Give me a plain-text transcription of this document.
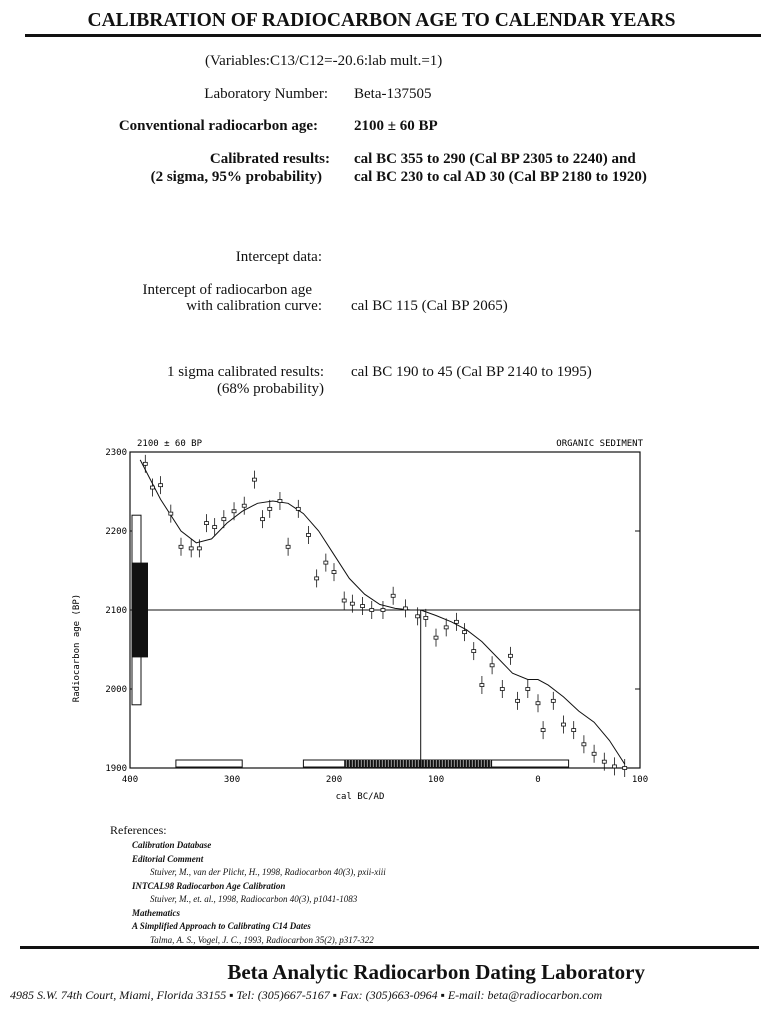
CALIBRATION OF RADIOCARBON AGE TO CALENDAR YEARS
(Variables:C13/C12=-20.6:lab mult.=1)
Laboratory Number: Beta-137505
Conventional radiocarbon age: 2100 ± 60 BP
Calibrated results:
(2 sigma, 95% probability)
cal BC 355 to 290 (Cal BP 2305 to 2240) and
cal BC 230 to cal AD 30 (Cal BP 2180 to 1920)
Intercept data:
Intercept of radiocarbon age
with calibration curve: cal BC 115 (Cal BP 2065)
1 sigma calibrated results:
(68% probability)
cal BC 190 to 45 (Cal BP 2140 to 1995)
2100 ± 60 BP	ORGANIC SEDIMENT
Radiocarbon age (BP)
cal BC/AD
2300
2200
2100
2000
1900
400	300	200	100	0	100
References:
Calibration Database
Editorial Comment
Stuiver, M., van der Plicht, H., 1998, Radiocarbon 40(3), pxii-xiii
INTCAL98 Radiocarbon Age Calibration
Stuiver, M., et. al., 1998, Radiocarbon 40(3), p1041-1083
Mathematics
A Simplified Approach to Calibrating C14 Dates
Talma, A. S., Vogel, J. C., 1993, Radiocarbon 35(2), p317-322
Beta Analytic Radiocarbon Dating Laboratory
4985 S.W. 74th Court, Miami, Florida 33155 ▪ Tel: (305)667-5167 ▪ Fax: (305)663-0964 ▪ E-mail: beta@radiocarbon.com
